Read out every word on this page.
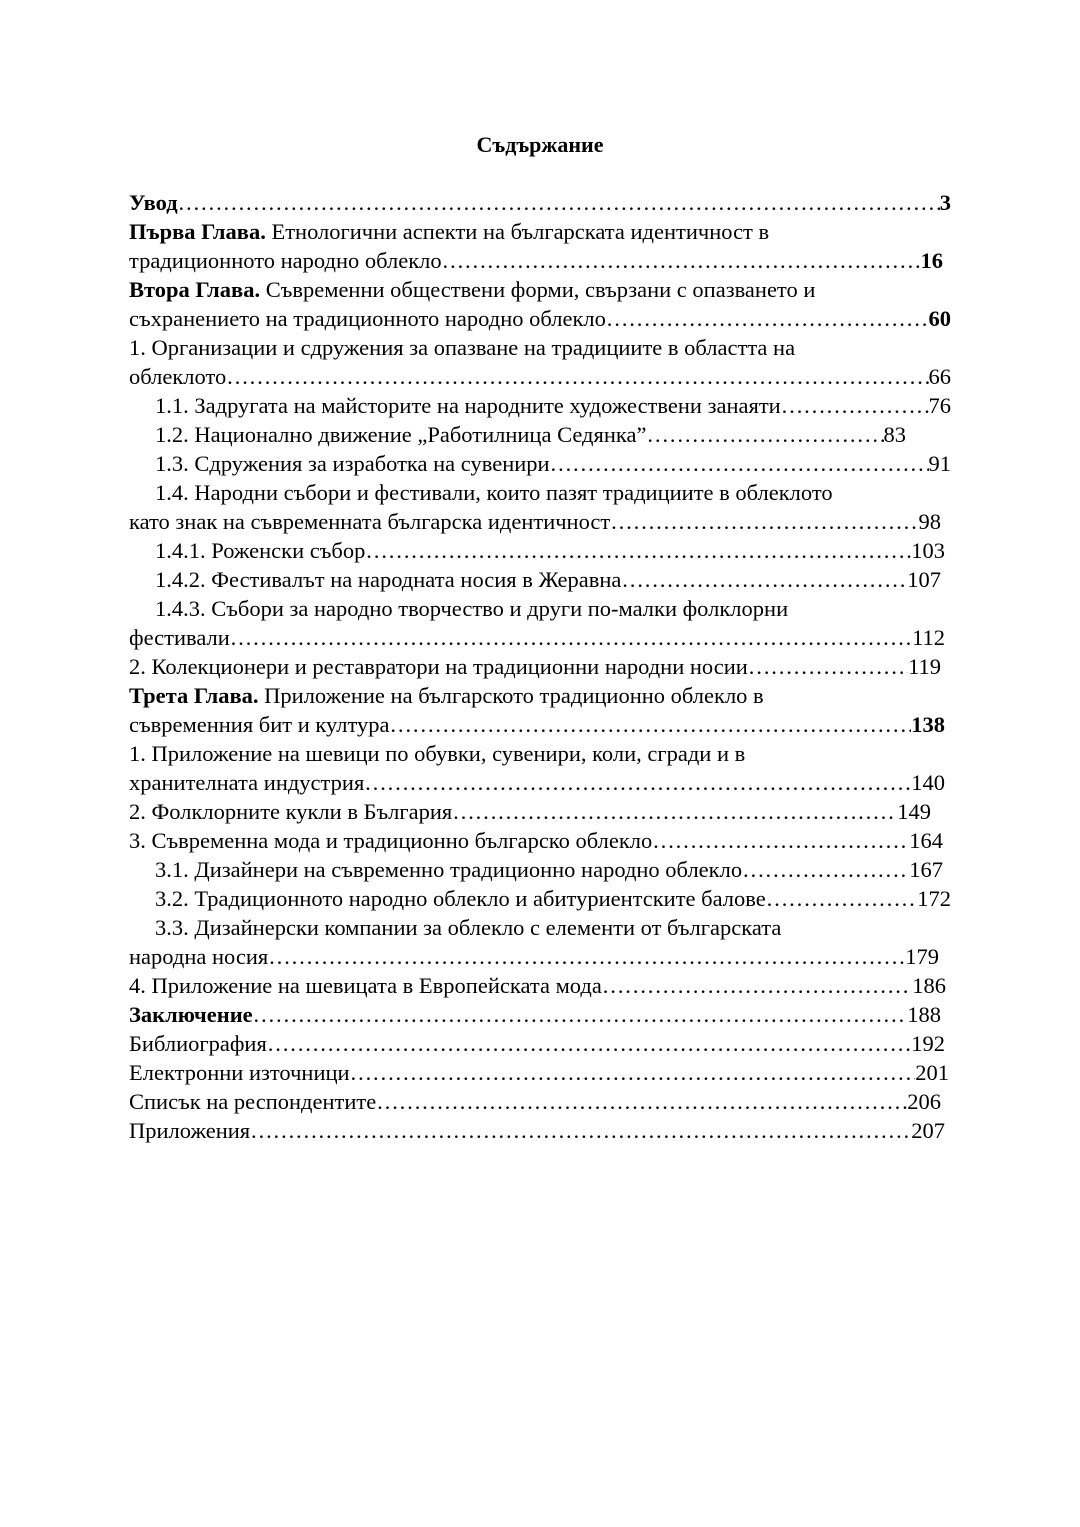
Съдържание
Увод ………………………………………………………………………………………………………………………………………………………………………………………………………………………	3
Първа Глава. Етнологични аспекти на българската идентичност в
традиционното народно облекло ………………………………………………………………………………………………………………………………………………………………………………………………………………………	16
Втора Глава. Съвременни обществени форми, свързани с опазването и
съхранението на традиционното народно облекло ………………………………………………………………………………………………………………………………………………………………………………………………………………………	60
1. Организации и сдружения за опазване на традициите в областта на
облеклото ………………………………………………………………………………………………………………………………………………………………………………………………………………………	66
1.1. Задругата на майсторите на народните художествени занаяти ………………………………………………………………………………………………………………………………………………………………………………………………………………………	76
1.2. Национално движение „Работилница Седянка” ………………………………………………………………………………………………………………………………………………………………………………………………………………………	83
1.3. Сдружения за изработка на сувенири ………………………………………………………………………………………………………………………………………………………………………………………………………………………	91
1.4. Народни събори и фестивали, които пазят традициите в облеклото
като знак на съвременната българска идентичност ………………………………………………………………………………………………………………………………………………………………………………………………………………………	98
1.4.1. Роженски събор ………………………………………………………………………………………………………………………………………………………………………………………………………………………	103
1.4.2. Фестивалът на народната носия в Жеравна ………………………………………………………………………………………………………………………………………………………………………………………………………………………	107
1.4.3. Събори за народно творчество и други по-малки фолклорни
фестивали ………………………………………………………………………………………………………………………………………………………………………………………………………………………	112
2. Колекционери и реставратори на традиционни народни носии ………………………………………………………………………………………………………………………………………………………………………………………………………………………	119
Трета Глава. Приложение на българското традиционно облекло в
съвременния бит и култура ………………………………………………………………………………………………………………………………………………………………………………………………………………………	138
1. Приложение на шевици по обувки, сувенири, коли, сгради и в
хранителната индустрия ………………………………………………………………………………………………………………………………………………………………………………………………………………………	140
2. Фолклорните кукли в България ………………………………………………………………………………………………………………………………………………………………………………………………………………………	149
3. Съвременна мода и традиционно българско облекло ………………………………………………………………………………………………………………………………………………………………………………………………………………………	164
3.1. Дизайнери на съвременно традиционно народно облекло ………………………………………………………………………………………………………………………………………………………………………………………………………………………	167
3.2. Традиционното народно облекло и абитуриентските балове ………………………………………………………………………………………………………………………………………………………………………………………………………………………	172
3.3. Дизайнерски компании за облекло с елементи от българската
народна носия ………………………………………………………………………………………………………………………………………………………………………………………………………………………	179
4. Приложение на шевицата в Европейската мода ………………………………………………………………………………………………………………………………………………………………………………………………………………………	186
Заключение ………………………………………………………………………………………………………………………………………………………………………………………………………………………	188
Библиография ………………………………………………………………………………………………………………………………………………………………………………………………………………………	192
Електронни източници ………………………………………………………………………………………………………………………………………………………………………………………………………………………	201
Списък на респондентите ………………………………………………………………………………………………………………………………………………………………………………………………………………………	206
Приложения ………………………………………………………………………………………………………………………………………………………………………………………………………………………	207
